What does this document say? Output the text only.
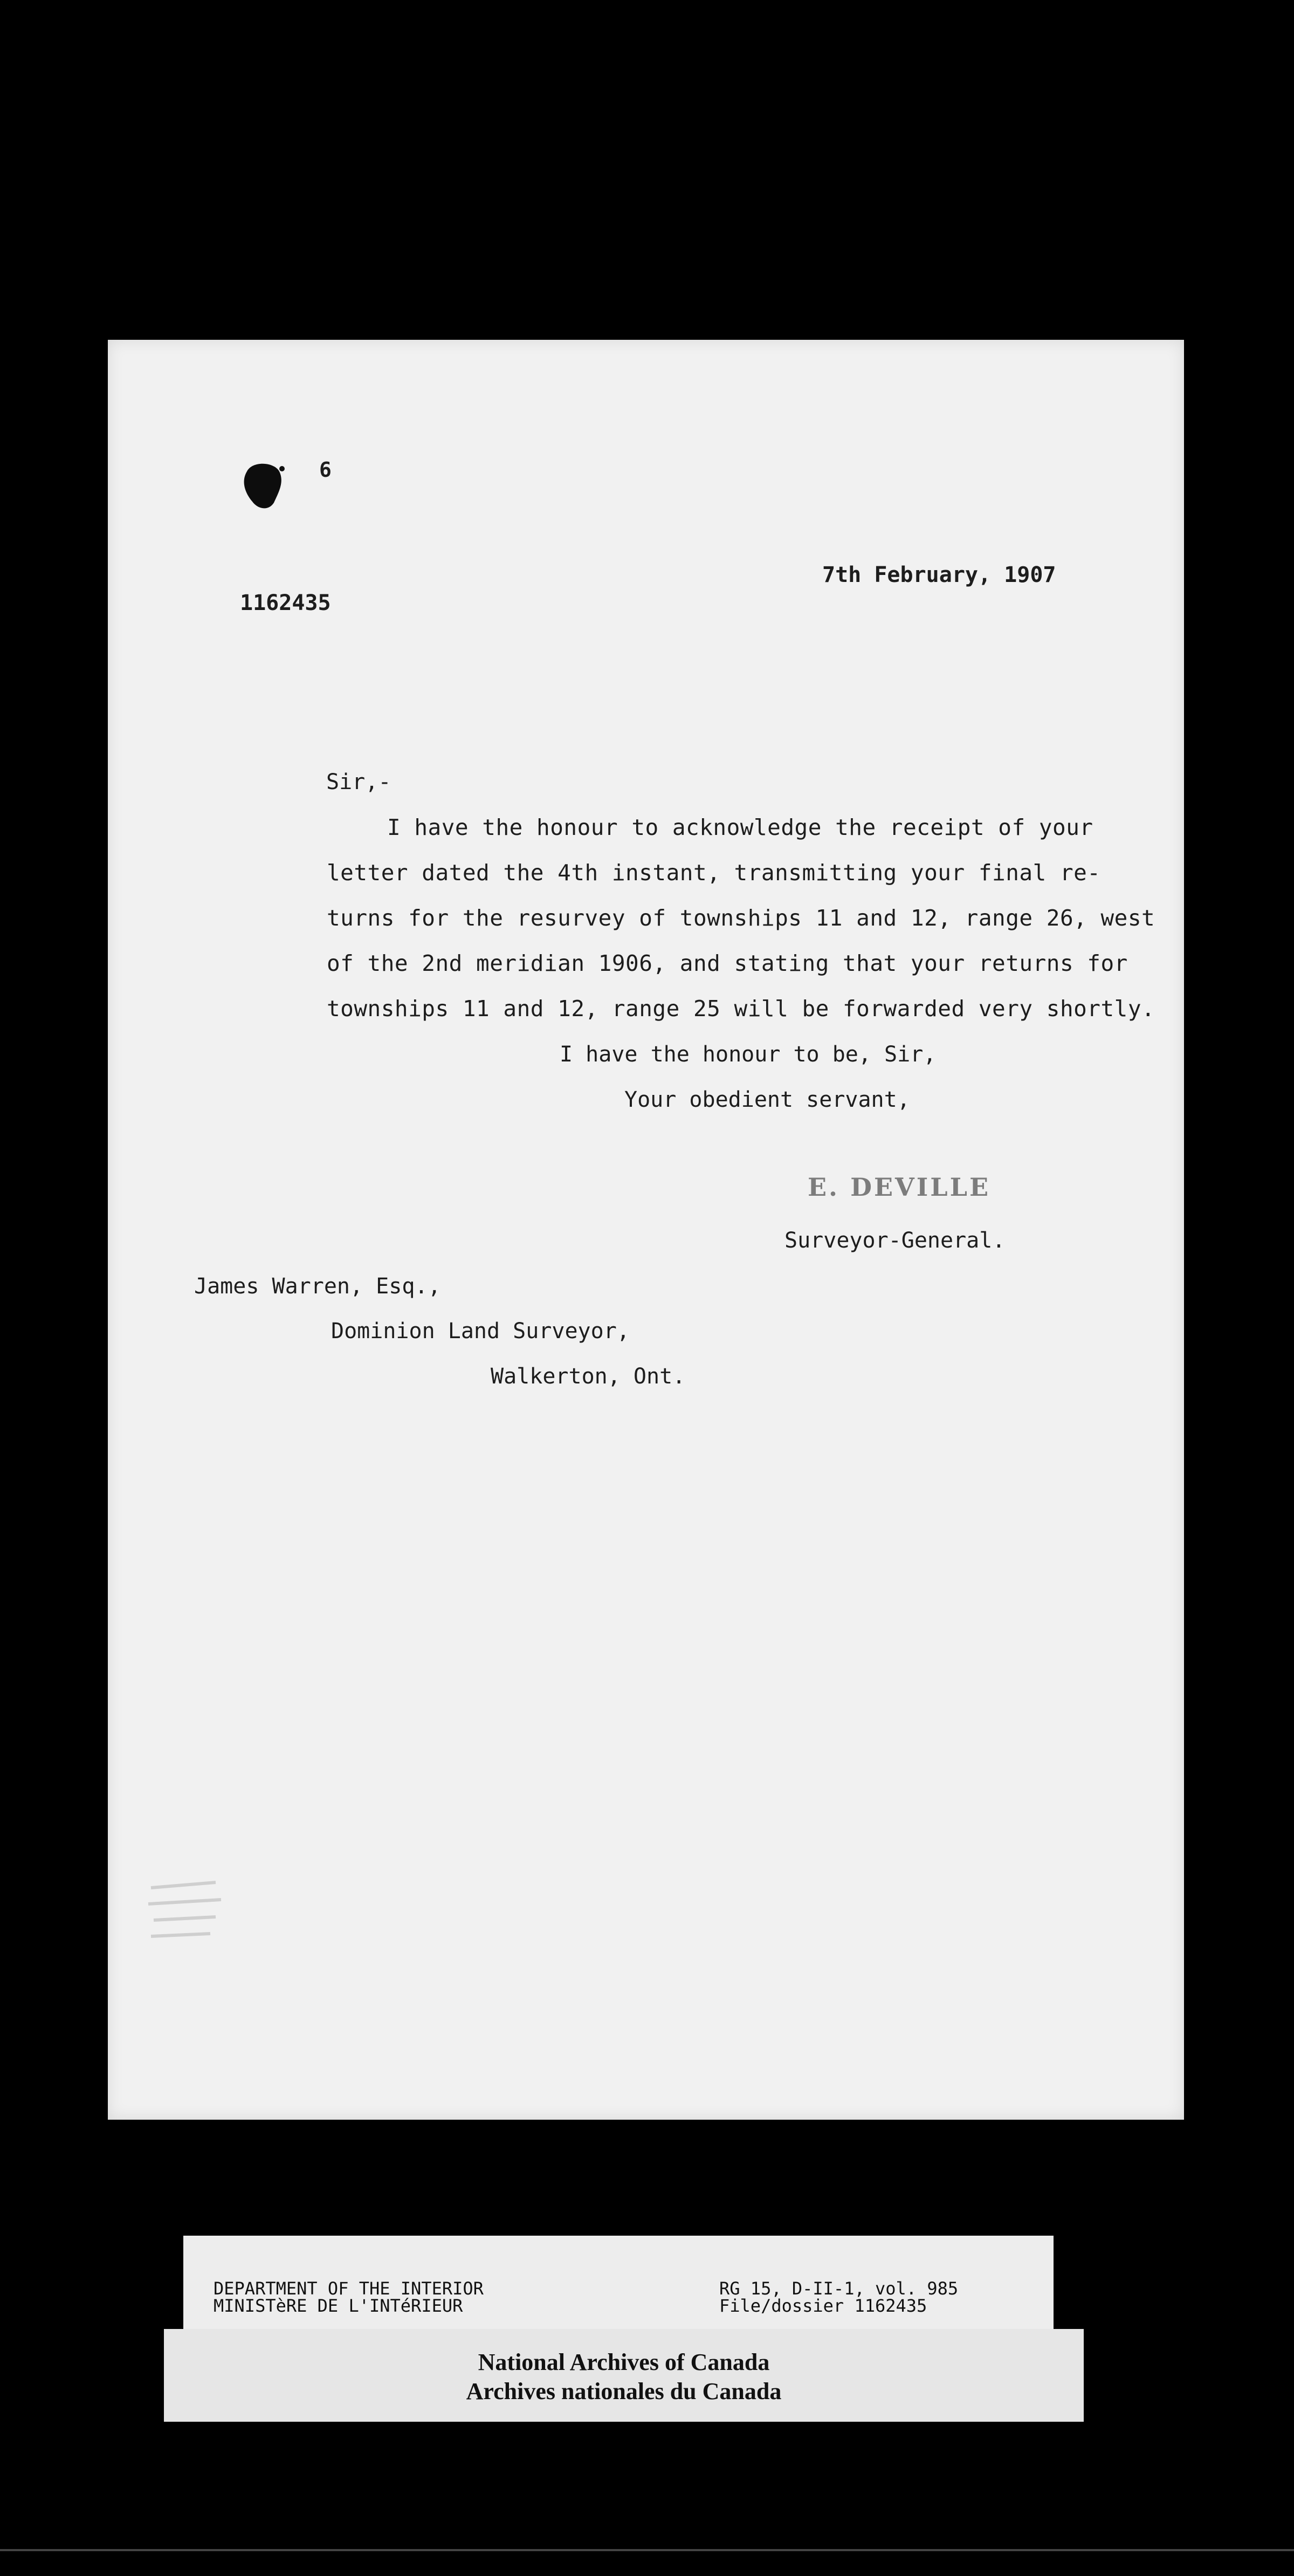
6
7th February, 1907
1162435
Sir,-
I have the honour to acknowledge the receipt of your
letter dated the 4th instant, transmitting your final re-
turns for the resurvey of townships 11 and 12, range 26, west
of the 2nd meridian 1906, and stating that your returns for
townships 11 and 12, range 25 will be forwarded very shortly.
I have the honour to be, Sir,
Your obedient servant,
E. DEVILLE
Surveyor-General.
James Warren, Esq.,
Dominion Land Surveyor,
Walkerton, Ont.
DEPARTMENT OF THE INTERIOR
MINISTèRE DE L'INTéRIEUR
RG 15, D-II-1, vol. 985
File/dossier 1162435
National Archives of Canada
Archives nationales du Canada
